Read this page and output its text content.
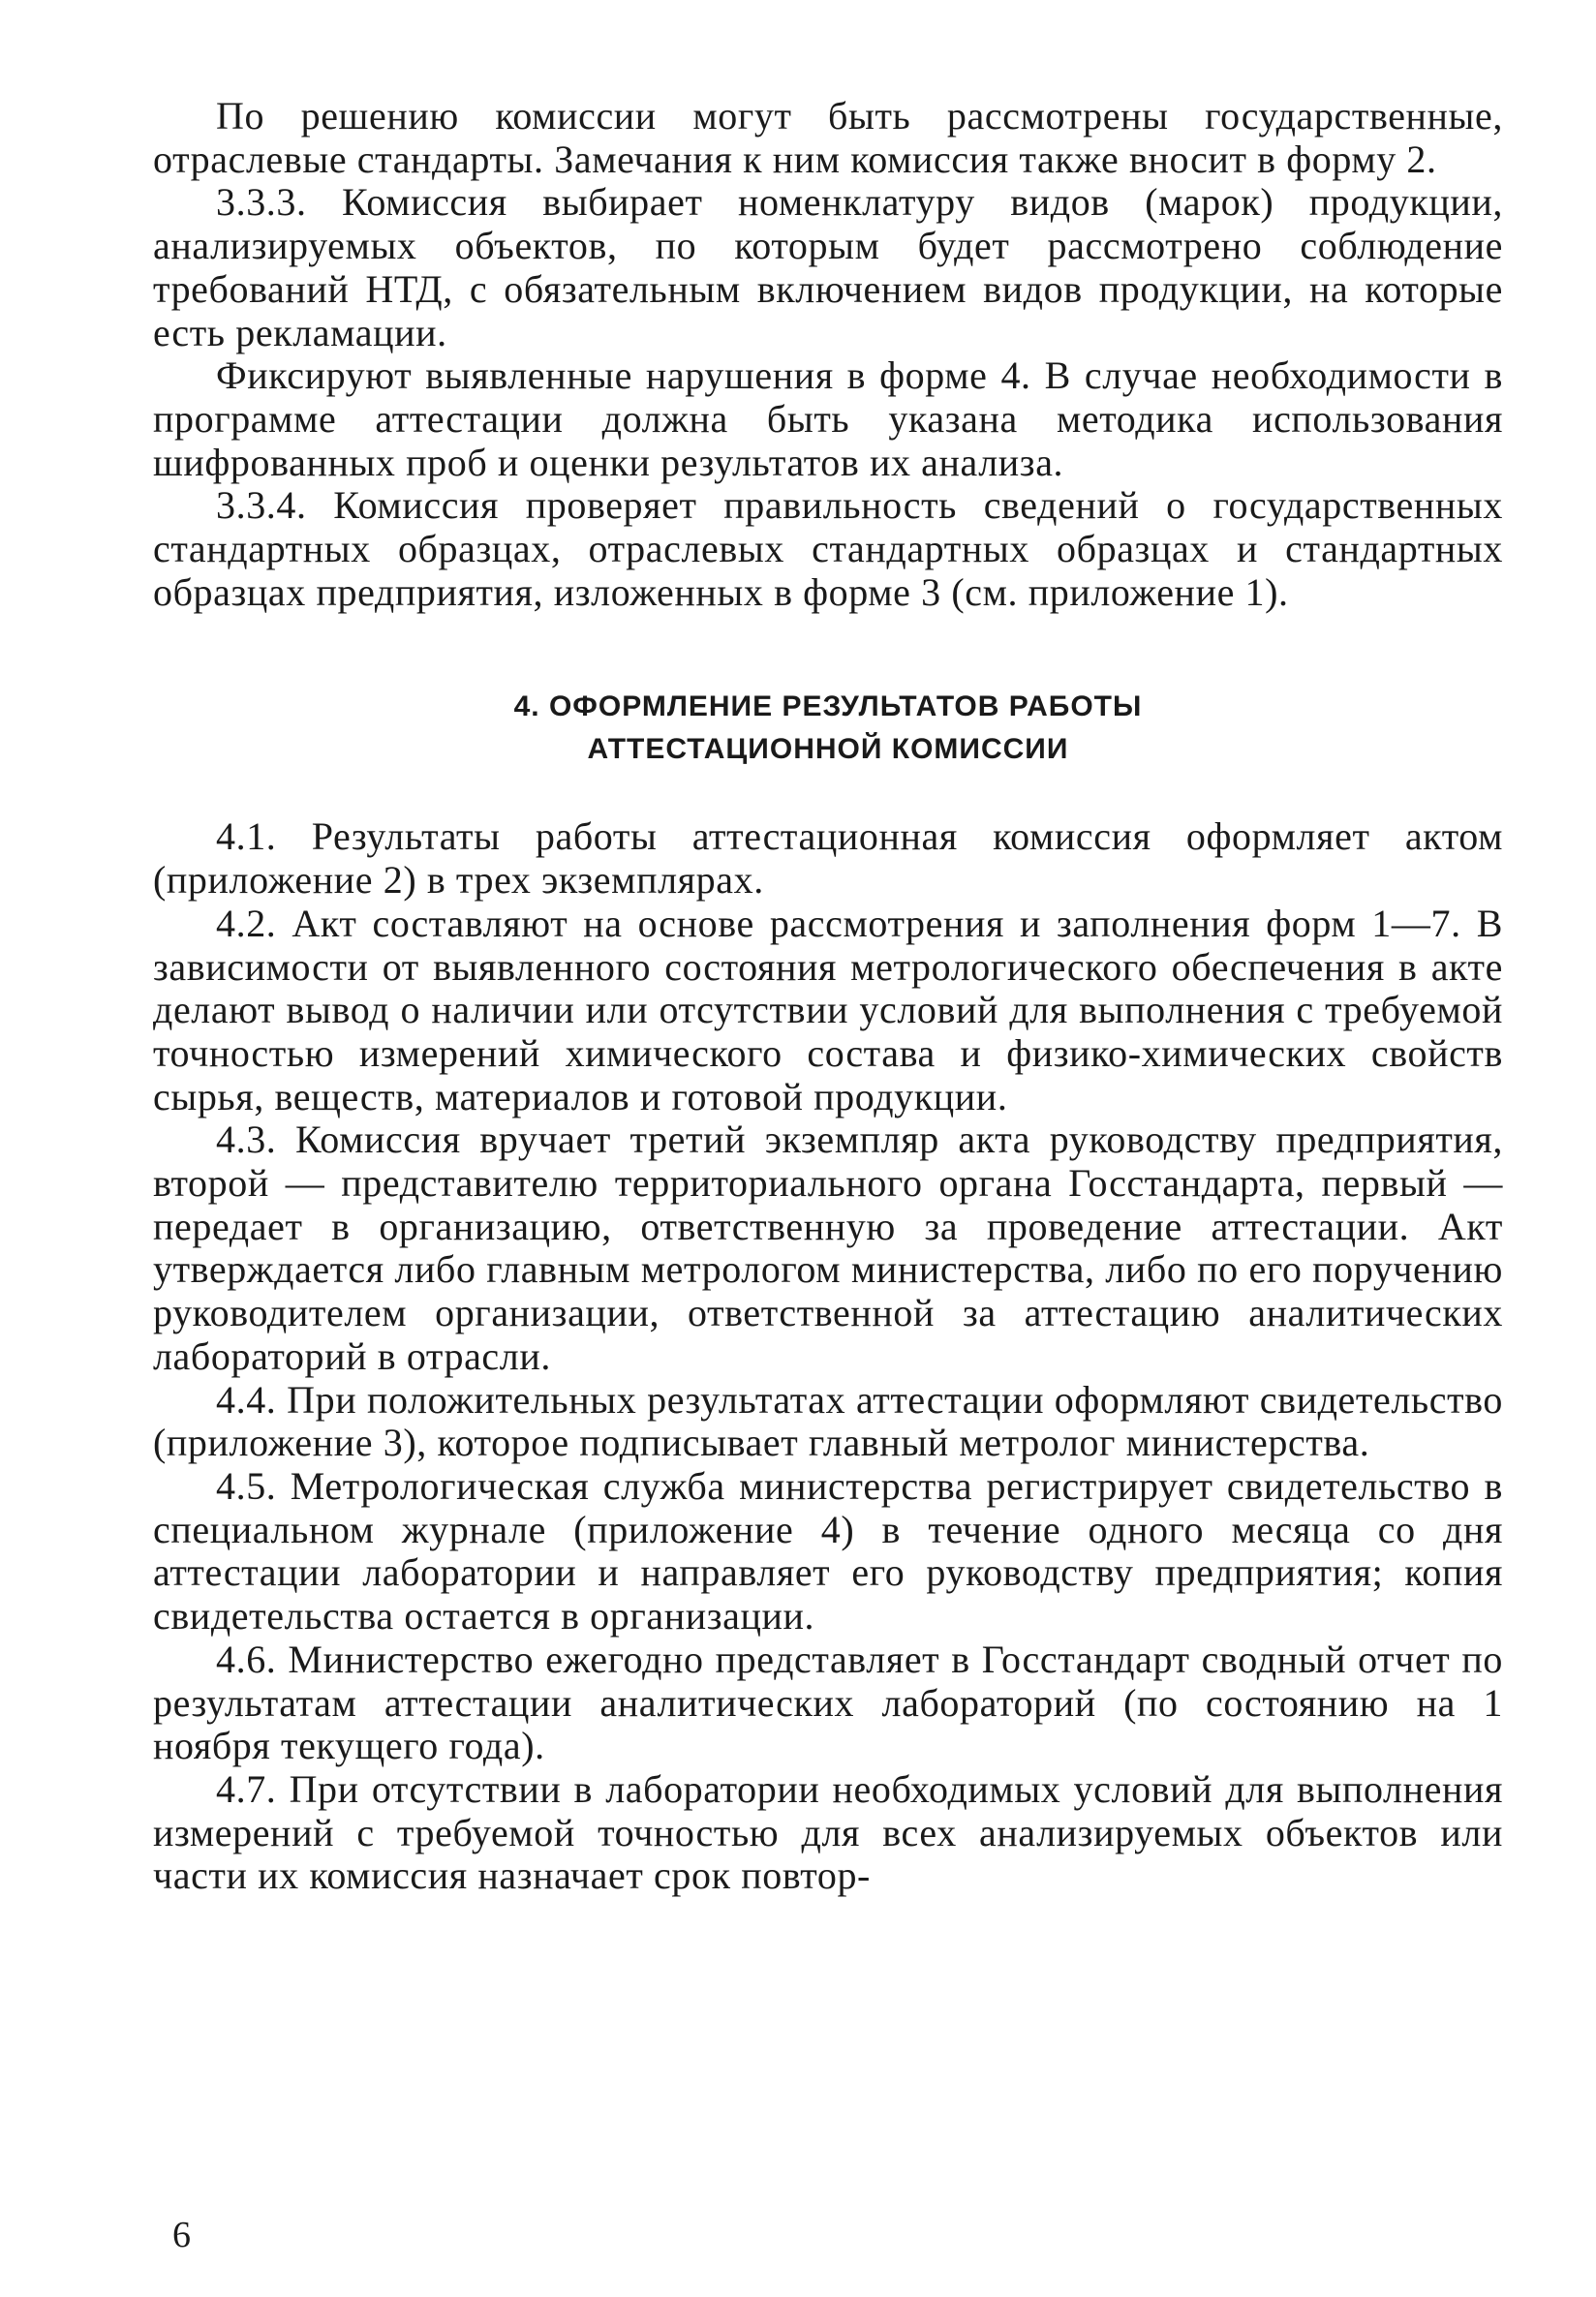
По решению комиссии могут быть рассмотрены государственные, отраслевые стандарты. Замечания к ним комиссия также вносит в форму 2.

3.3.3. Комиссия выбирает номенклатуру видов (марок) продукции, анализируемых объектов, по которым будет рассмотрено соблюдение требований НТД, с обязательным включением видов продукции, на которые есть рекламации.

Фиксируют выявленные нарушения в форме 4. В случае необходимости в программе аттестации должна быть указана методика использования шифрованных проб и оценки результатов их анализа.

3.3.4. Комиссия проверяет правильность сведений о государственных стандартных образцах, отраслевых стандартных образцах и стандартных образцах предприятия, изложенных в форме 3 (см. приложение 1).

4. ОФОРМЛЕНИЕ РЕЗУЛЬТАТОВ РАБОТЫ
АТТЕСТАЦИОННОЙ КОМИССИИ

4.1. Результаты работы аттестационная комиссия оформляет актом (приложение 2) в трех экземплярах.

4.2. Акт составляют на основе рассмотрения и заполнения форм 1—7. В зависимости от выявленного состояния метрологического обеспечения в акте делают вывод о наличии или отсутствии условий для выполнения с требуемой точностью измерений химического состава и физико-химических свойств сырья, веществ, материалов и готовой продукции.

4.3. Комиссия вручает третий экземпляр акта руководству предприятия, второй — представителю территориального органа Госстандарта, первый — передает в организацию, ответственную за проведение аттестации. Акт утверждается либо главным метрологом министерства, либо по его поручению руководителем организации, ответственной за аттестацию аналитических лабораторий в отрасли.

4.4. При положительных результатах аттестации оформляют свидетельство (приложение 3), которое подписывает главный метролог министерства.

4.5. Метрологическая служба министерства регистрирует свидетельство в специальном журнале (приложение 4) в течение одного месяца со дня аттестации лаборатории и направляет его руководству предприятия; копия свидетельства остается в организации.

4.6. Министерство ежегодно представляет в Госстандарт сводный отчет по результатам аттестации аналитических лабораторий (по состоянию на 1 ноября текущего года).

4.7. При отсутствии в лаборатории необходимых условий для выполнения измерений с требуемой точностью для всех анализируемых объектов или части их комиссия назначает срок повтор-

6
